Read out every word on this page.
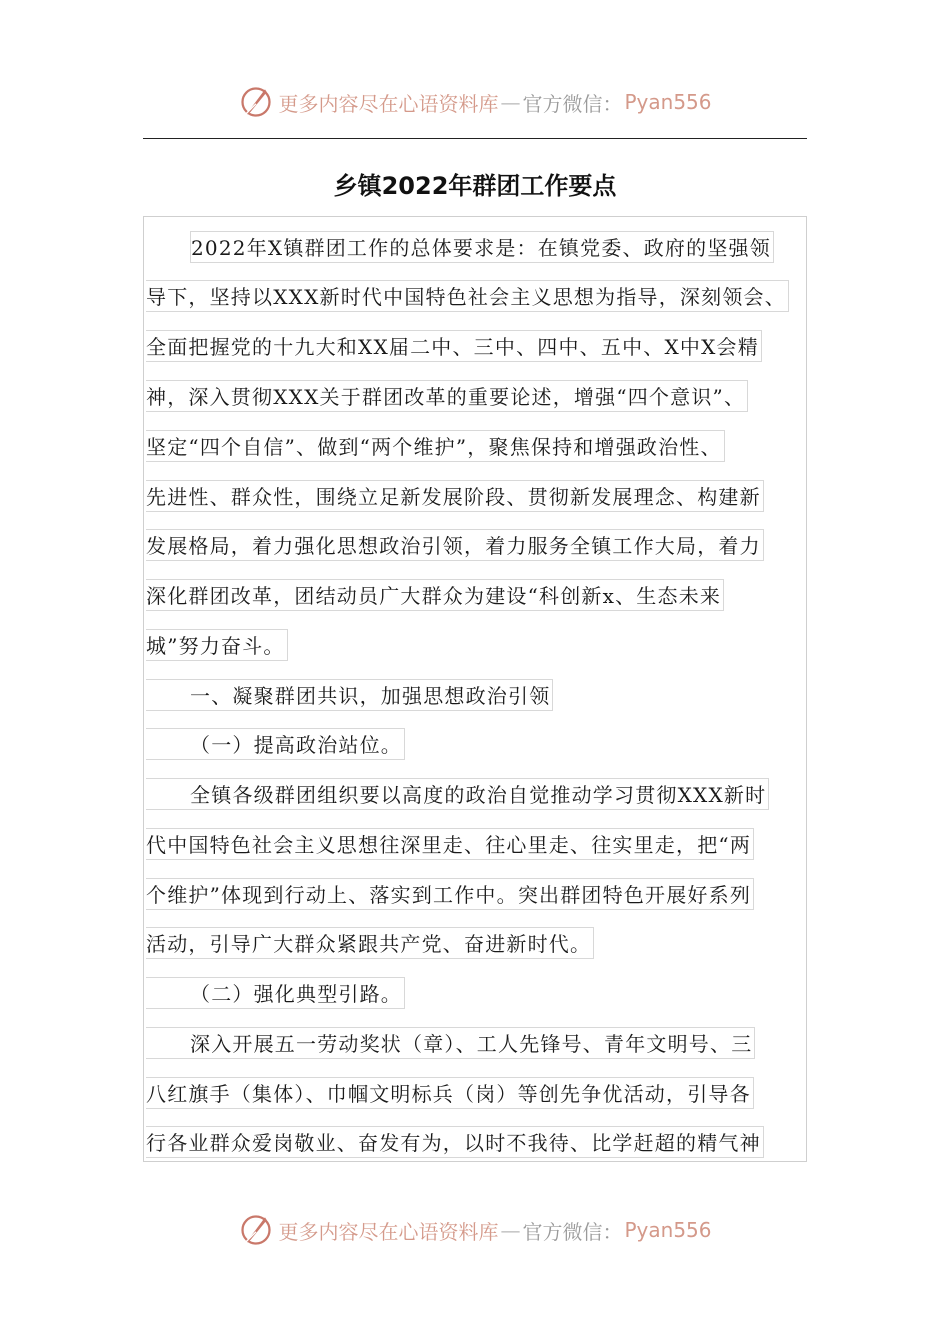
更多内容尽在心语资料库 — 官方微信： Pyan556
乡镇2022年群团工作要点
2022年X镇群团工作的总体要求是：在镇党委、政府的坚强领
导下，坚持以XXX新时代中国特色社会主义思想为指导，深刻领会、
全面把握党的十九大和XX届二中、三中、四中、五中、X中X会精
神，深入贯彻XXX关于群团改革的重要论述，增强“四个意识”、
坚定“四个自信”、做到“两个维护”，聚焦保持和增强政治性、
先进性、群众性，围绕立足新发展阶段、贯彻新发展理念、构建新
发展格局，着力强化思想政治引领，着力服务全镇工作大局，着力
深化群团改革，团结动员广大群众为建设“科创新x、生态未来
城”努力奋斗。
一、凝聚群团共识，加强思想政治引领
（一）提高政治站位。
全镇各级群团组织要以高度的政治自觉推动学习贯彻XXX新时
代中国特色社会主义思想往深里走、往心里走、往实里走，把“两
个维护”体现到行动上、落实到工作中。突出群团特色开展好系列
活动，引导广大群众紧跟共产党、奋进新时代。
（二）强化典型引路。
深入开展五一劳动奖状（章）、工人先锋号、青年文明号、三
八红旗手（集体）、巾帼文明标兵（岗）等创先争优活动，引导各
行各业群众爱岗敬业、奋发有为，以时不我待、比学赶超的精气神
更多内容尽在心语资料库 — 官方微信： Pyan556
